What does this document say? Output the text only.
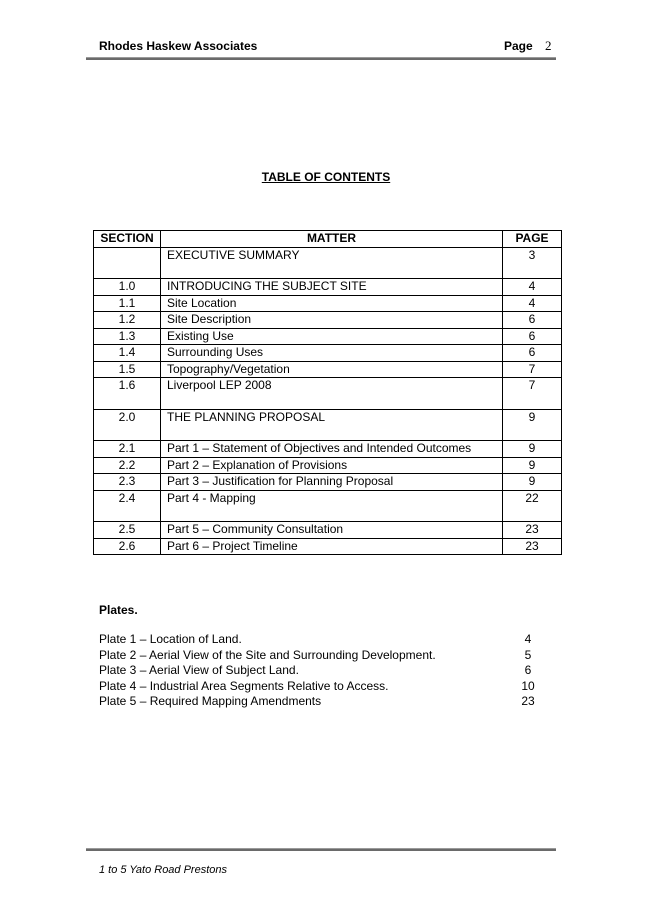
Rhodes Haskew Associates	Page 2
TABLE OF CONTENTS
SECTION	MATTER	PAGE
	EXECUTIVE SUMMARY	3

1.0	INTRODUCING THE SUBJECT SITE	4
1.1	Site Location	4
1.2	Site Description	6
1.3	Existing Use	6
1.4	Surrounding Uses	6
1.5	Topography/Vegetation	7
1.6	Liverpool LEP 2008	7

2.0	THE PLANNING PROPOSAL	9

2.1	Part 1 – Statement of Objectives and Intended Outcomes	9
2.2	Part 2 – Explanation of Provisions	9
2.3	Part 3 – Justification for Planning Proposal	9
2.4	Part 4 - Mapping	22

2.5	Part 5 – Community Consultation	23
2.6	Part 6 – Project Timeline	23
Plates.
Plate 1 – Location of Land.	4
Plate 2 – Aerial View of the Site and Surrounding Development.	5
Plate 3 – Aerial View of Subject Land.	6
Plate 4 – Industrial Area Segments Relative to Access.	10
Plate 5 – Required Mapping Amendments	23
1 to 5 Yato Road Prestons
